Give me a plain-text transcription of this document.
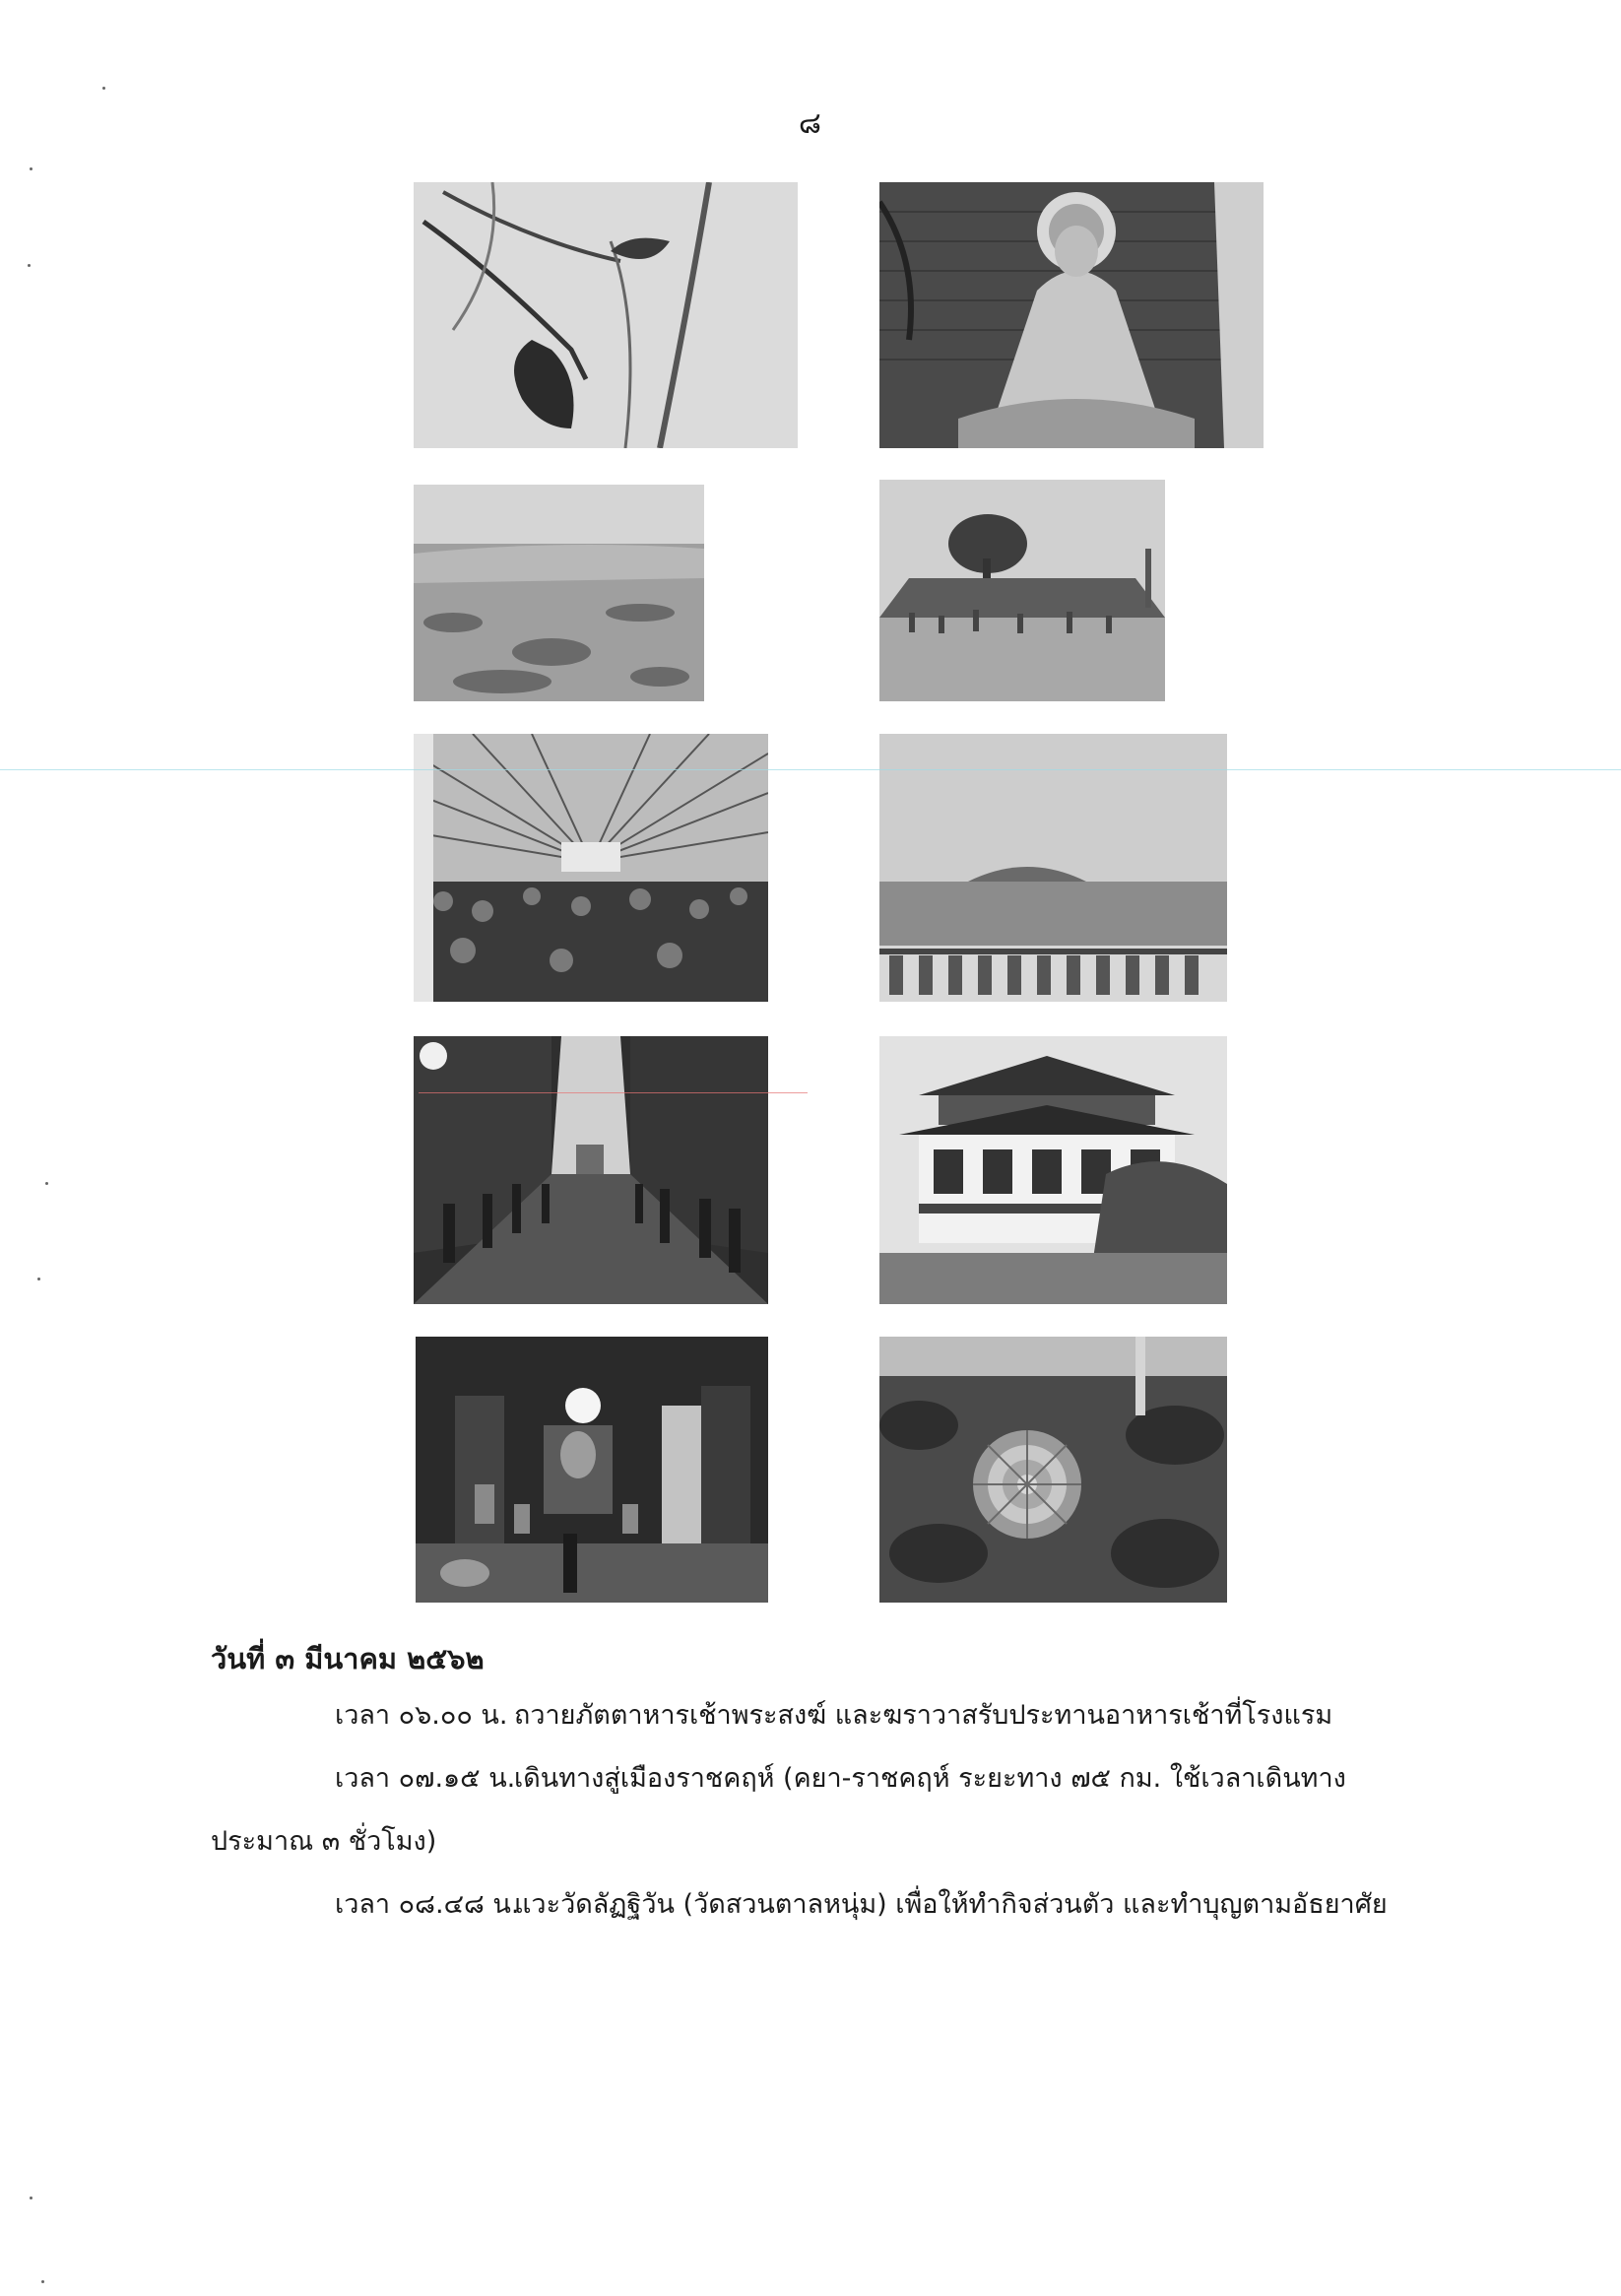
๘
วันที่ ๓ มีนาคม ๒๕๖๒
เวลา ๐๖.๐๐ น. ถวายภัตตาหารเช้าพระสงฆ์ และฆราวาสรับประทานอาหารเช้าที่โรงแรม
เวลา ๐๗.๑๕ น.
เดินทางสู่เมืองราชคฤห์ (คยา-ราชคฤห์ ระยะทาง ๗๕ กม. ใช้เวลาเดินทาง
ประมาณ ๓ ชั่วโมง)
เวลา ๐๘.๔๘ น.
แวะวัดลัฏฐิวัน (วัดสวนตาลหนุ่ม) เพื่อให้ทำกิจส่วนตัว และทำบุญตามอัธยาศัย
